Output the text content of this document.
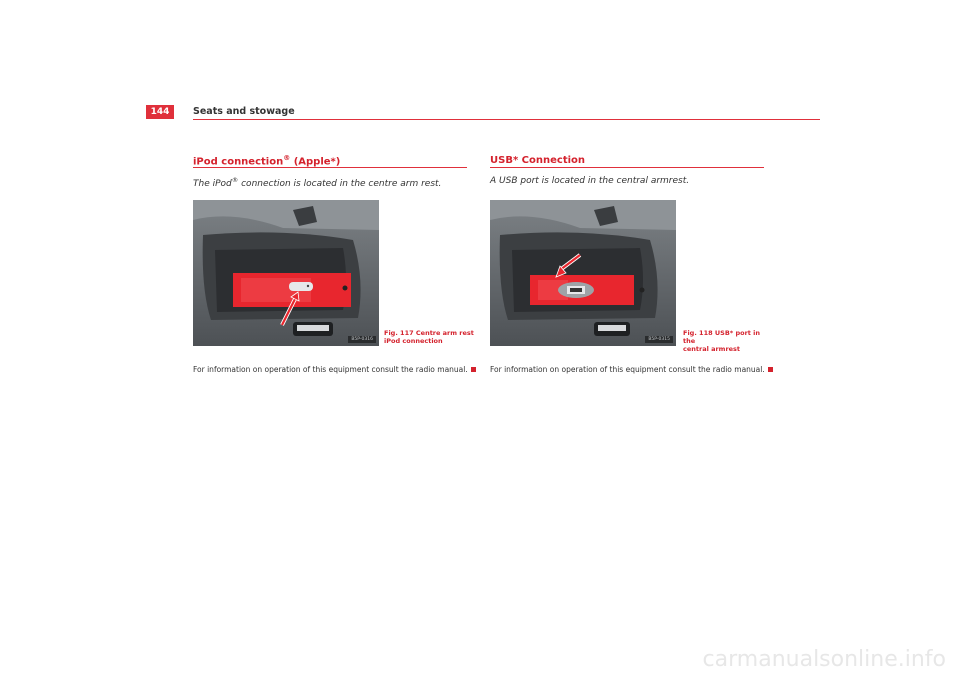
144	Seats and stowage
iPod connection® (Apple*)
The iPod® connection is located in the centre arm rest.
B5P-0316
Fig. 117 Centre arm rest
iPod connection
For information on operation of this equipment consult the radio manual.
USB* Connection
A USB port is located in the central armrest.
B5P-0315
Fig. 118 USB* port in the
central armrest
For information on operation of this equipment consult the radio manual.
carmanualsonline.info
